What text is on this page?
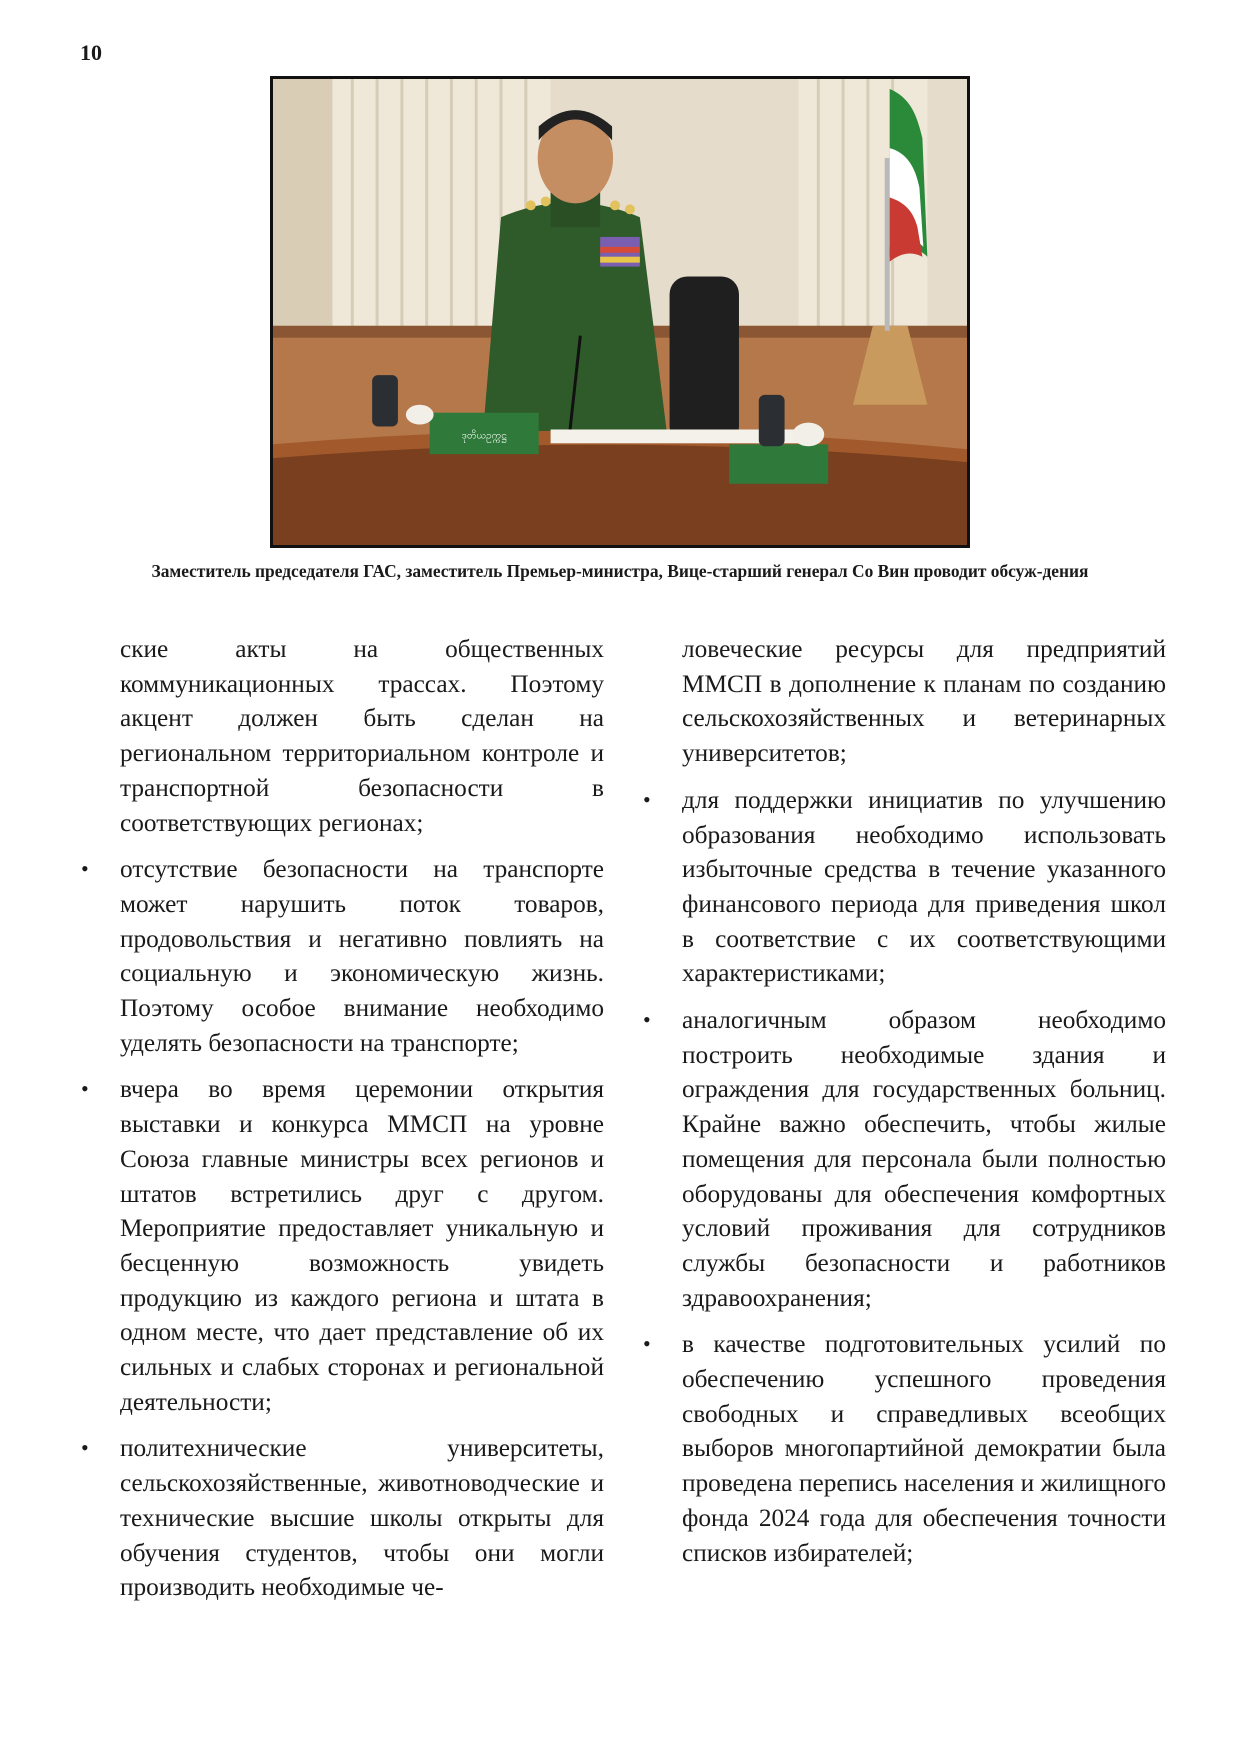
10
ဒုတိယဥက္ကဋ္ဌ
Заместитель председателя ГАС, заместитель Премьер-министра, Вице-старший генерал Со Вин проводит обсуж-дения

ские акты на общественных коммуникационных трассах. Поэтому акцент должен быть сделан на региональном территориальном контроле и транспортной безопасности в соответствующих регионах;

• отсутствие безопасности на транспорте может нарушить поток товаров, продовольствия и негативно повлиять на социальную и экономическую жизнь. Поэтому особое внимание необходимо уделять безопасности на транспорте;

• вчера во время церемонии открытия выставки и конкурса ММСП на уровне Союза главные министры всех регионов и штатов встретились друг с другом. Мероприятие предоставляет уникальную и бесценную возможность увидеть продукцию из каждого региона и штата в одном месте, что дает представление об их сильных и слабых сторонах и региональной деятельности;

• политехнические университеты, сельскохозяйственные, животноводческие и технические высшие школы открыты для обучения студентов, чтобы они могли производить необходимые че-

ловеческие ресурсы для предприятий ММСП в дополнение к планам по созданию сельскохозяйственных и ветеринарных университетов;

• для поддержки инициатив по улучшению образования необходимо использовать избыточные средства в течение указанного финансового периода для приведения школ в соответствие с их соответствующими характеристиками;

• аналогичным образом необходимо построить необходимые здания и ограждения для государственных больниц. Крайне важно обеспечить, чтобы жилые помещения для персонала были полностью оборудованы для обеспечения комфортных условий проживания для сотрудников службы безопасности и работников здравоохранения;

• в качестве подготовительных усилий по обеспечению успешного проведения свободных и справедливых всеобщих выборов многопартийной демократии была проведена перепись населения и жилищного фонда 2024 года для обеспечения точности списков избирателей;
